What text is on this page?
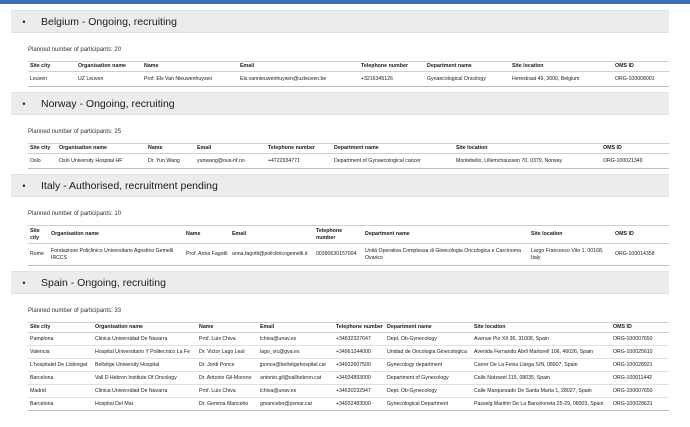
•	Belgium - Ongoing, recruiting
Planned number of participants: 20
Site city	Organisation name	Name	Email	Telephone number	Department name	Site location	OMS ID
Leuven	UZ Leuven	Prof. Els Van Nieuwenhuysen	Els.vannieuwenhuysen@uzleuven.be	+3216345126	Gynaecological Oncology	Herestraat 49, 3000, Belgium	ORG-100008001
•	Norway - Ongoing, recruiting
Planned number of participants: 25
Site city	Organisation name	Name	Email	Telephone number	Department name	Site location	OMS ID
Oslo	Oslo University Hospital HF	Dr. Yun Wang	yunwang@ous-hf.no	+4722934771	Department of Gynaecological cancer	Montebello, Lillemchaussen 70, 0379, Norway	ORG-100021349
•	Italy - Authorised, recruitment pending
Planned number of participants: 10
Site city	Organisation name	Name	Email	Telephone number	Department name	Site location	OMS ID
Rome	Fondazione Policlinico Universitario Agostino Gemelli IRCCS	Prof. Anna Fagotti	anna.fagotti@policlinicogemelli.it	00390630157004	Unità Operativa Complessa di Ginecologia Oncologica e Carcinoma Ovarico	Largo Francesco Vito 1, 00168, Italy	ORG-100014358
•	Spain - Ongoing, recruiting
Planned number of participants: 33
Site city	Organisation name	Name	Email	Telephone number	Department name	Site location	OMS ID
Pamplona	Clinica Universidad De Navarra	Prof. Luis Chiva	lchiva@unav.es	+34632327647	Dept. Ob-Gynecology	Avenue Pio XII 36, 31008, Spain	ORG-100007650
Valencia	Hospital Universitario Y Politecnico La Fe	Dr. Victor Lago Leal	lago_vic@gva.es	+34961244000	Unidad de Oncologia Ginecologica	Avenida Fernando Abril Martorell 106, 46026, Spain	ORG-100025610
L'hospitalet De Llobregat	Bellvitge University Hospital	Dr. Jordi Ponce	jponce@bellvitgehospital.cat	+34932607500	Gynecology department	Carrer De La Feixa Llarga S/N, 08907, Spain	ORG-100028921
Barcelona	Vall D Hebron Institute Of Oncology	Dr. Antonio Gil-Moreno	antonio.gil@vallhebron.cat	+34934893000	Department of Gynecology	Calle Natzaret 115, 08035, Spain	ORG-100011442
Madrid	Clinica Universidad De Navarra	Prof. Luis Chiva	lchiva@unav.es	+34630232947	Dept. Ob-Gynecology	Calle Marquesado De Santa Marta 1, 28027, Spain	ORG-100007650
Barcelona	Hospital Del Mar	Dr. Gemma Mancebo	gmancebo@psmar.cat	+34932483000	Gynecological Department	Passeig Maritim De La Barceloneta 25-29, 08003, Spain	ORG-100028631
